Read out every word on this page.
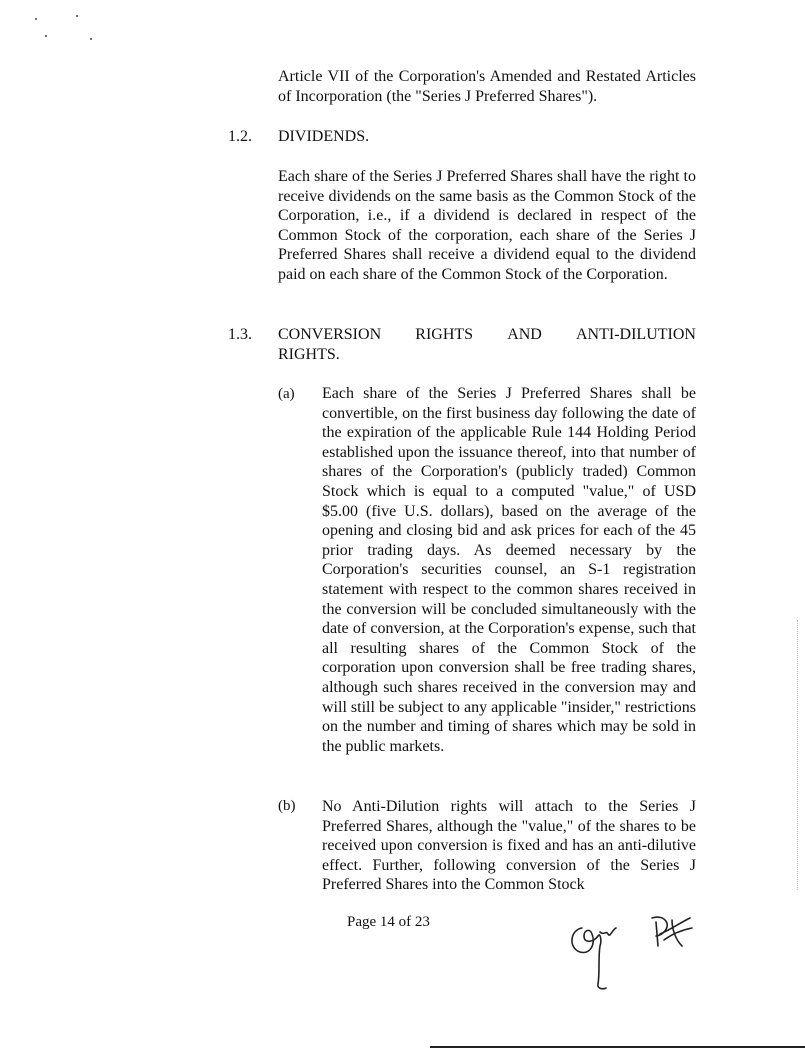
Article VII of the Corporation's Amended and Restated Articles of Incorporation (the "Series J Preferred Shares").
1.2. DIVIDENDS.
Each share of the Series J Preferred Shares shall have the right to receive dividends on the same basis as the Common Stock of the Corporation, i.e., if a dividend is declared in respect of the Common Stock of the corporation, each share of the Series J Preferred Shares shall receive a dividend equal to the dividend paid on each share of the Common Stock of the Corporation.
1.3. CONVERSION RIGHTS AND ANTI-DILUTION
RIGHTS.
(a) Each share of the Series J Preferred Shares shall be convertible, on the first business day following the date of the expiration of the applicable Rule 144 Holding Period established upon the issuance thereof, into that number of shares of the Corporation's (publicly traded) Common Stock which is equal to a computed "value," of USD $5.00 (five U.S. dollars), based on the average of the opening and closing bid and ask prices for each of the 45 prior trading days. As deemed necessary by the Corporation's securities counsel, an S-1 registration statement with respect to the common shares received in the conversion will be concluded simultaneously with the date of conversion, at the Corporation's expense, such that all resulting shares of the Common Stock of the corporation upon conversion shall be free trading shares, although such shares received in the conversion may and will still be subject to any applicable "insider," restrictions on the number and timing of shares which may be sold in the public markets.
(b) No Anti-Dilution rights will attach to the Series J Preferred Shares, although the "value," of the shares to be received upon conversion is fixed and has an anti-dilutive effect. Further, following conversion of the Series J Preferred Shares into the Common Stock
Page 14 of 23
